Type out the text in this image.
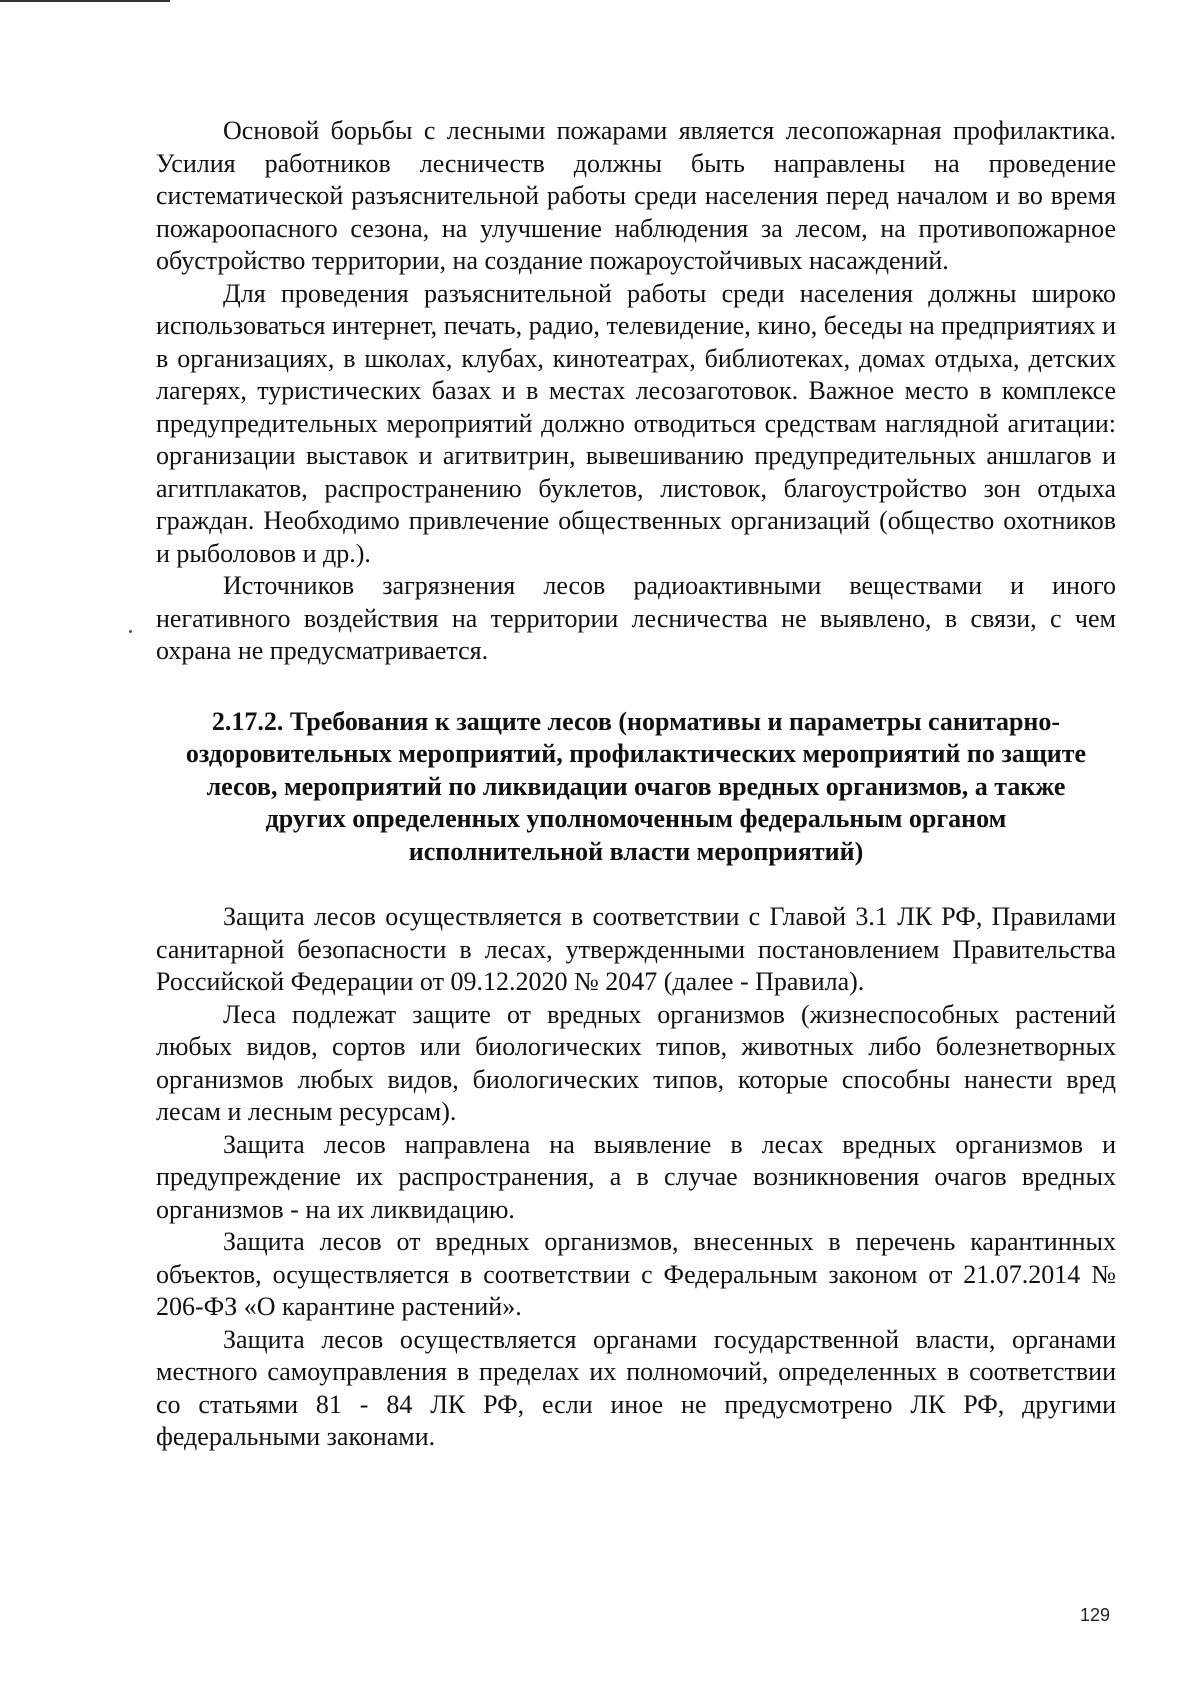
Основой борьбы с лесными пожарами является лесопожарная профилактика. Усилия работников лесничеств должны быть направлены на проведение систематической разъяснительной работы среди населения перед началом и во время пожароопасного сезона, на улучшение наблюдения за лесом, на противопожарное обустройство территории, на создание пожароустойчивых насаждений.

Для проведения разъяснительной работы среди населения должны широко использоваться интернет, печать, радио, телевидение, кино, беседы на предприятиях и в организациях, в школах, клубах, кинотеатрах, библиотеках, домах отдыха, детских лагерях, туристических базах и в местах лесозаготовок. Важное место в комплексе предупредительных мероприятий должно отводиться средствам наглядной агитации: организации выставок и агитвитрин, вывешиванию предупредительных аншлагов и агитплакатов, распространению буклетов, листовок, благоустройство зон отдыха граждан. Необходимо привлечение общественных организаций (общество охотников и рыболовов и др.).

Источников загрязнения лесов радиоактивными веществами и иного негативного воздействия на территории лесничества не выявлено, в связи, с чем охрана не предусматривается.

2.17.2. Требования к защите лесов (нормативы и параметры санитарно-оздоровительных мероприятий, профилактических мероприятий по защите лесов, мероприятий по ликвидации очагов вредных организмов, а также других определенных уполномоченным федеральным органом исполнительной власти мероприятий)

Защита лесов осуществляется в соответствии с Главой 3.1 ЛК РФ, Правилами санитарной безопасности в лесах, утвержденными постановлением Правительства Российской Федерации от 09.12.2020 № 2047 (далее - Правила).

Леса подлежат защите от вредных организмов (жизнеспособных растений любых видов, сортов или биологических типов, животных либо болезнетворных организмов любых видов, биологических типов, которые способны нанести вред лесам и лесным ресурсам).

Защита лесов направлена на выявление в лесах вредных организмов и предупреждение их распространения, а в случае возникновения очагов вредных организмов - на их ликвидацию.

Защита лесов от вредных организмов, внесенных в перечень карантинных объектов, осуществляется в соответствии с Федеральным законом от 21.07.2014 № 206-ФЗ «О карантине растений».

Защита лесов осуществляется органами государственной власти, органами местного самоуправления в пределах их полномочий, определенных в соответствии со статьями 81 - 84 ЛК РФ, если иное не предусмотрено ЛК РФ, другими федеральными законами.

129
